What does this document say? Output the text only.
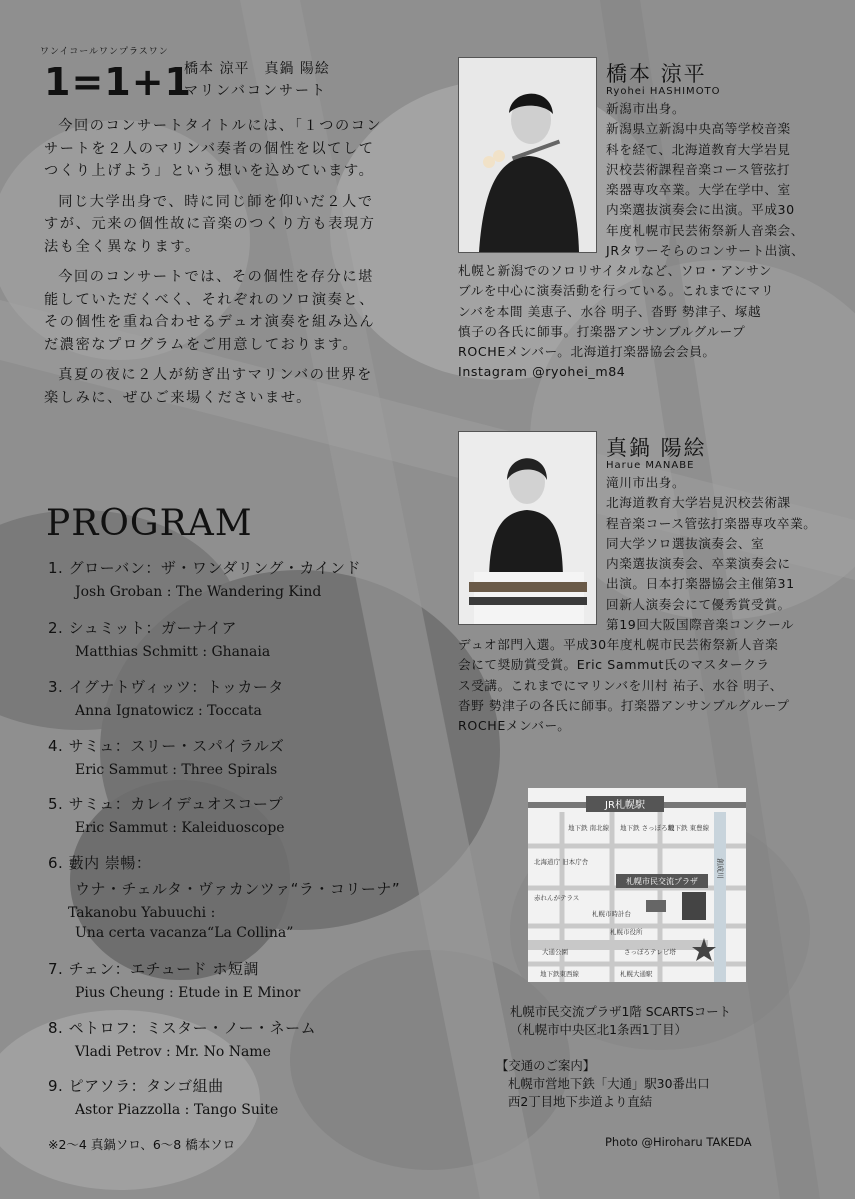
ワンイコールワンプラスワン
1=1+1
橋本 涼平　真鍋 陽絵
マリンバコンサート

今回のコンサートタイトルには、「１つのコンサートを２人のマリンバ奏者の個性を以てしてつくり上げよう」という想いを込めています。

同じ大学出身で、時に同じ師を仰いだ２人ですが、元来の個性故に音楽のつくり方も表現方法も全く異なります。

今回のコンサートでは、その個性を存分に堪能していただくべく、それぞれのソロ演奏と、その個性を重ね合わせるデュオ演奏を組み込んだ濃密なプログラムをご用意しております。

真夏の夜に２人が紡ぎ出すマリンバの世界を楽しみに、ぜひご来場くださいませ。

PROGRAM
1. グローバン：ザ・ワンダリング・カインド
Josh Groban : The Wandering Kind
2. シュミット：ガーナイア
Matthias Schmitt : Ghanaia
3. イグナトヴィッツ：トッカータ
Anna Ignatowicz : Toccata
4. サミュ：スリー・スパイラルズ
Eric Sammut : Three Spirals
5. サミュ：カレイデュオスコープ
Eric Sammut : Kaleiduoscope
6. 藪内 崇暢：
ウナ・チェルタ・ヴァカンツァ“ラ・コリーナ”
Takanobu Yabuuchi :
Una certa vacanza“La Collina”
7. チェン：エチュード ホ短調
Pius Cheung : Etude in E Minor
8. ペトロフ：ミスター・ノー・ネーム
Vladi Petrov : Mr. No Name
9. ピアソラ：タンゴ組曲
Astor Piazzolla : Tango Suite
※2～4 真鍋ソロ、6～8 橋本ソロ
橋本 涼平
Ryohei HASHIMOTO
新潟市出身。
新潟県立新潟中央高等学校音楽
科を経て、北海道教育大学岩見
沢校芸術課程音楽コース管弦打
楽器専攻卒業。大学在学中、室
内楽選抜演奏会に出演。平成30
年度札幌市民芸術祭新人音楽会、
JRタワーそらのコンサート出演、
札幌と新潟でのソロリサイタルなど、ソロ・アンサン
ブルを中心に演奏活動を行っている。これまでにマリ
ンバを本間 美恵子、水谷 明子、沓野 勢津子、塚越
慎子の各氏に師事。打楽器アンサンブルグループ
ROCHEメンバー。北海道打楽器協会会員。
Instagram @ryohei_m84
真鍋 陽絵
Harue MANABE
滝川市出身。
北海道教育大学岩見沢校芸術課
程音楽コース管弦打楽器専攻卒業。
同大学ソロ選抜演奏会、室
内楽選抜演奏会、卒業演奏会に
出演。日本打楽器協会主催第31
回新人演奏会にて優秀賞受賞。
第19回大阪国際音楽コンクール
デュオ部門入選。平成30年度札幌市民芸術祭新人音楽
会にて奨励賞受賞。Eric Sammut氏のマスタークラ
ス受講。これまでにマリンバを川村 祐子、水谷 明子、
沓野 勢津子の各氏に師事。打楽器アンサンブルグループ
ROCHEメンバー。
JR札幌駅
地下鉄 南北線 地下鉄 さっぽろ駅
地下鉄 東豊線
北海道庁 旧本庁舎	創成川
赤れんがテラス
札幌市時計台
札幌市役所
大通公園	さっぽろテレビ塔
地下鉄東西線	札幌大通駅
札幌市民交流プラザ
札幌市民交流プラザ1階 SCARTSコート
（札幌市中央区北1条西1丁目）
【交通のご案内】
札幌市営地下鉄「大通」駅30番出口
西2丁目地下歩道より直結
Photo @Hiroharu TAKEDA
